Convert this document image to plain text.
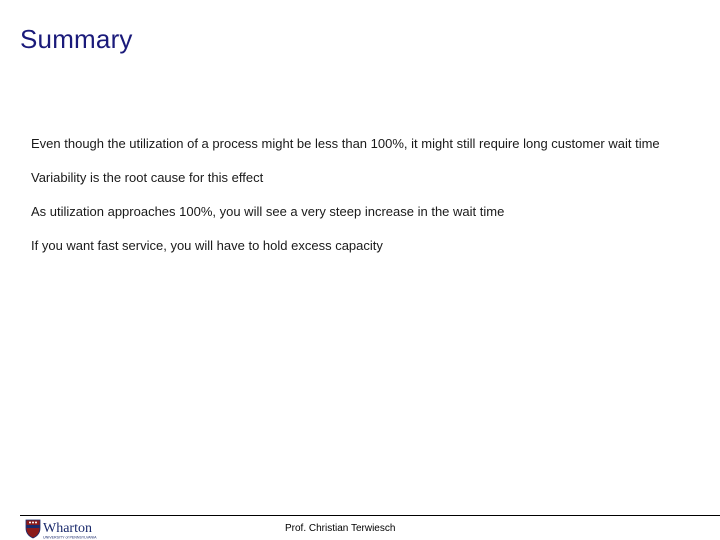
Summary
Even though the utilization of a process might be less than 100%, it might still require long customer wait time
Variability is the root cause for this effect
As utilization approaches 100%, you will see a very steep increase in the wait time
If you want fast service, you will have to hold excess capacity
Wharton
UNIVERSITY of PENNSYLVANIA
Prof. Christian Terwiesch
